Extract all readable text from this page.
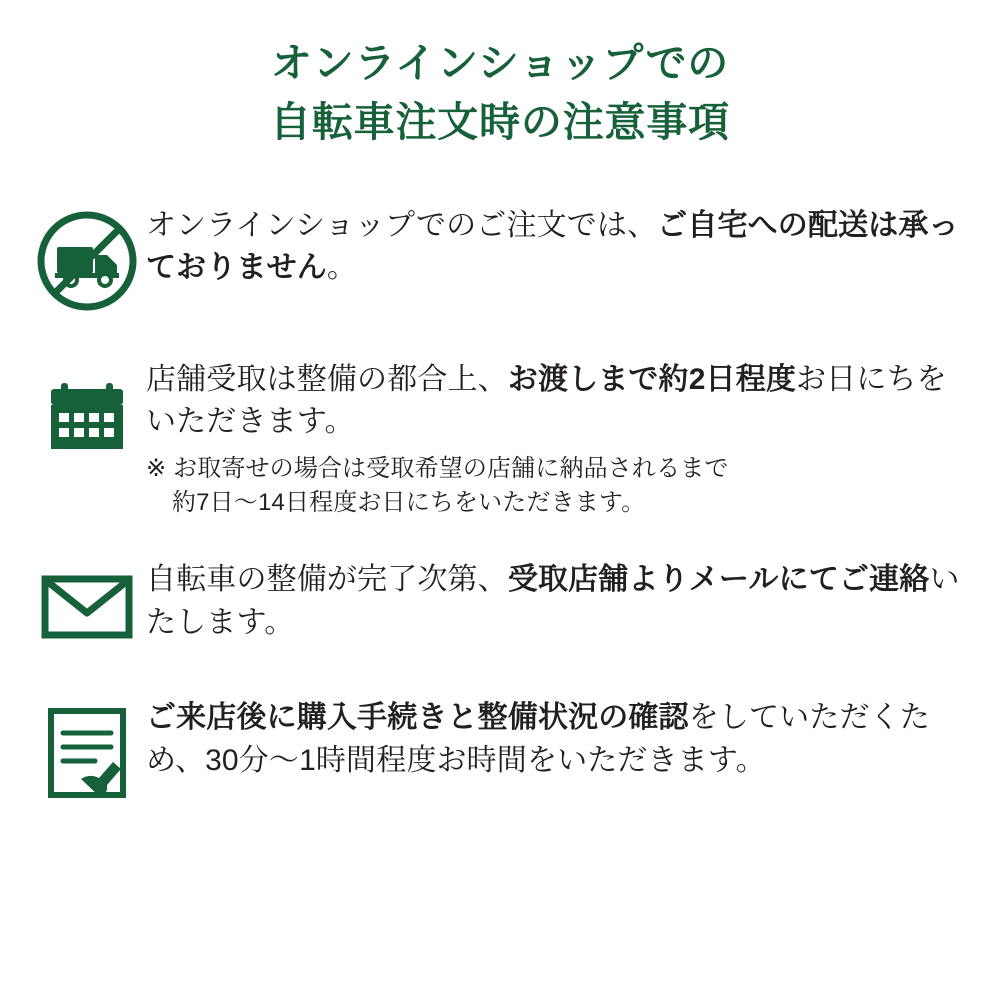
オンラインショップでの
自転車注文時の注意事項
オンラインショップでのご注文では、ご自宅への配送は承っておりません。
店舗受取は整備の都合上、お渡しまで約2日程度お日にちをいただきます。
※ お取寄せの場合は受取希望の店舗に納品されるまで
約7日〜14日程度お日にちをいただきます。
自転車の整備が完了次第、受取店舗よりメールにてご連絡いたします。
ご来店後に購入手続きと整備状況の確認をしていただくため、30分〜1時間程度お時間をいただきます。
